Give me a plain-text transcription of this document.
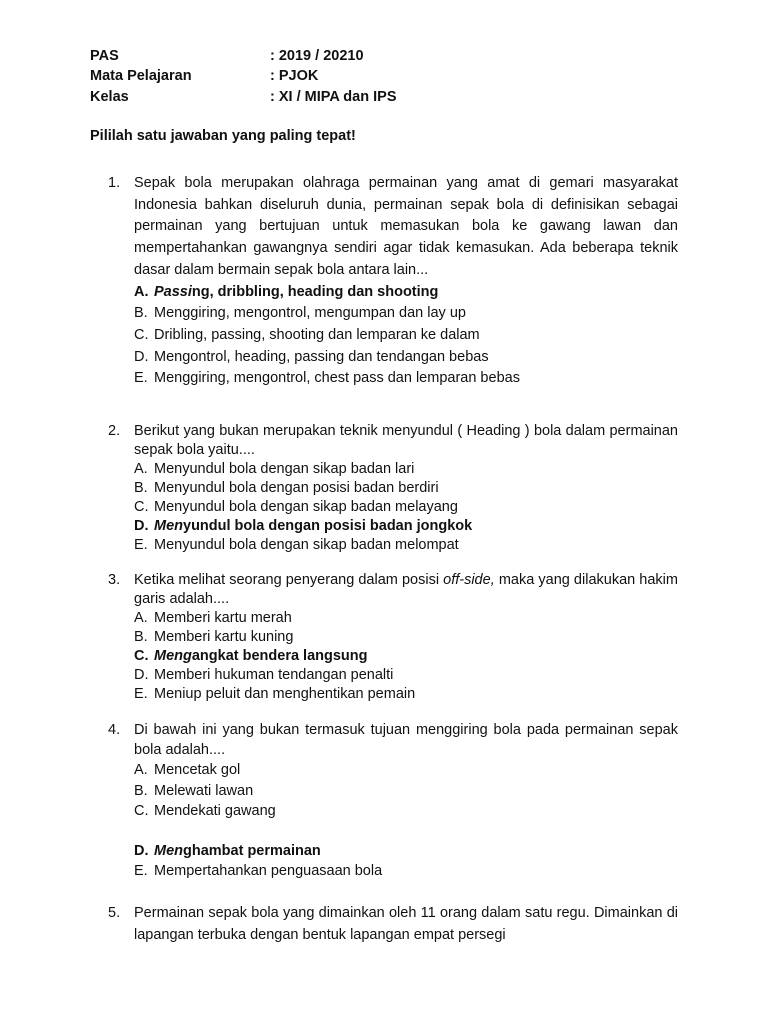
PAS	: 2019 / 20210
Mata Pelajaran	: PJOK
Kelas	: XI / MIPA dan IPS
Pililah satu jawaban yang paling tepat!
1. Sepak bola merupakan olahraga permainan yang amat di gemari masyarakat Indonesia bahkan diseluruh dunia, permainan sepak bola di definisikan sebagai permainan yang bertujuan untuk memasukan bola ke gawang lawan dan mempertahankan gawangnya sendiri agar tidak kemasukan. Ada beberapa teknik dasar dalam bermain sepak bola antara lain...
A. Passing, dribbling, heading dan shooting
B. Menggiring, mengontrol, mengumpan dan lay up
C. Dribling, passing, shooting dan lemparan ke dalam
D. Mengontrol, heading, passing dan tendangan bebas
E. Menggiring, mengontrol, chest pass dan lemparan bebas
2. Berikut yang bukan merupakan teknik menyundul ( Heading ) bola dalam permainan sepak bola yaitu....
A. Menyundul bola dengan sikap badan lari
B. Menyundul bola dengan posisi badan berdiri
C. Menyundul bola dengan sikap badan melayang
D. Menyundul bola dengan posisi badan jongkok
E. Menyundul bola dengan sikap badan melompat
3. Ketika melihat seorang penyerang dalam posisi off-side, maka yang dilakukan hakim garis adalah....
A. Memberi kartu merah
B. Memberi kartu kuning
C. Mengangkat bendera langsung
D. Memberi hukuman tendangan penalti
E. Meniup peluit dan menghentikan pemain
4. Di bawah ini yang bukan termasuk tujuan menggiring bola pada permainan sepak bola adalah....
A. Mencetak gol
B. Melewati lawan
C. Mendekati gawang
D. Menghambat permainan
E. Mempertahankan penguasaan bola
5. Permainan sepak bola yang dimainkan oleh 11 orang dalam satu regu. Dimainkan di lapangan terbuka dengan bentuk lapangan empat persegi
